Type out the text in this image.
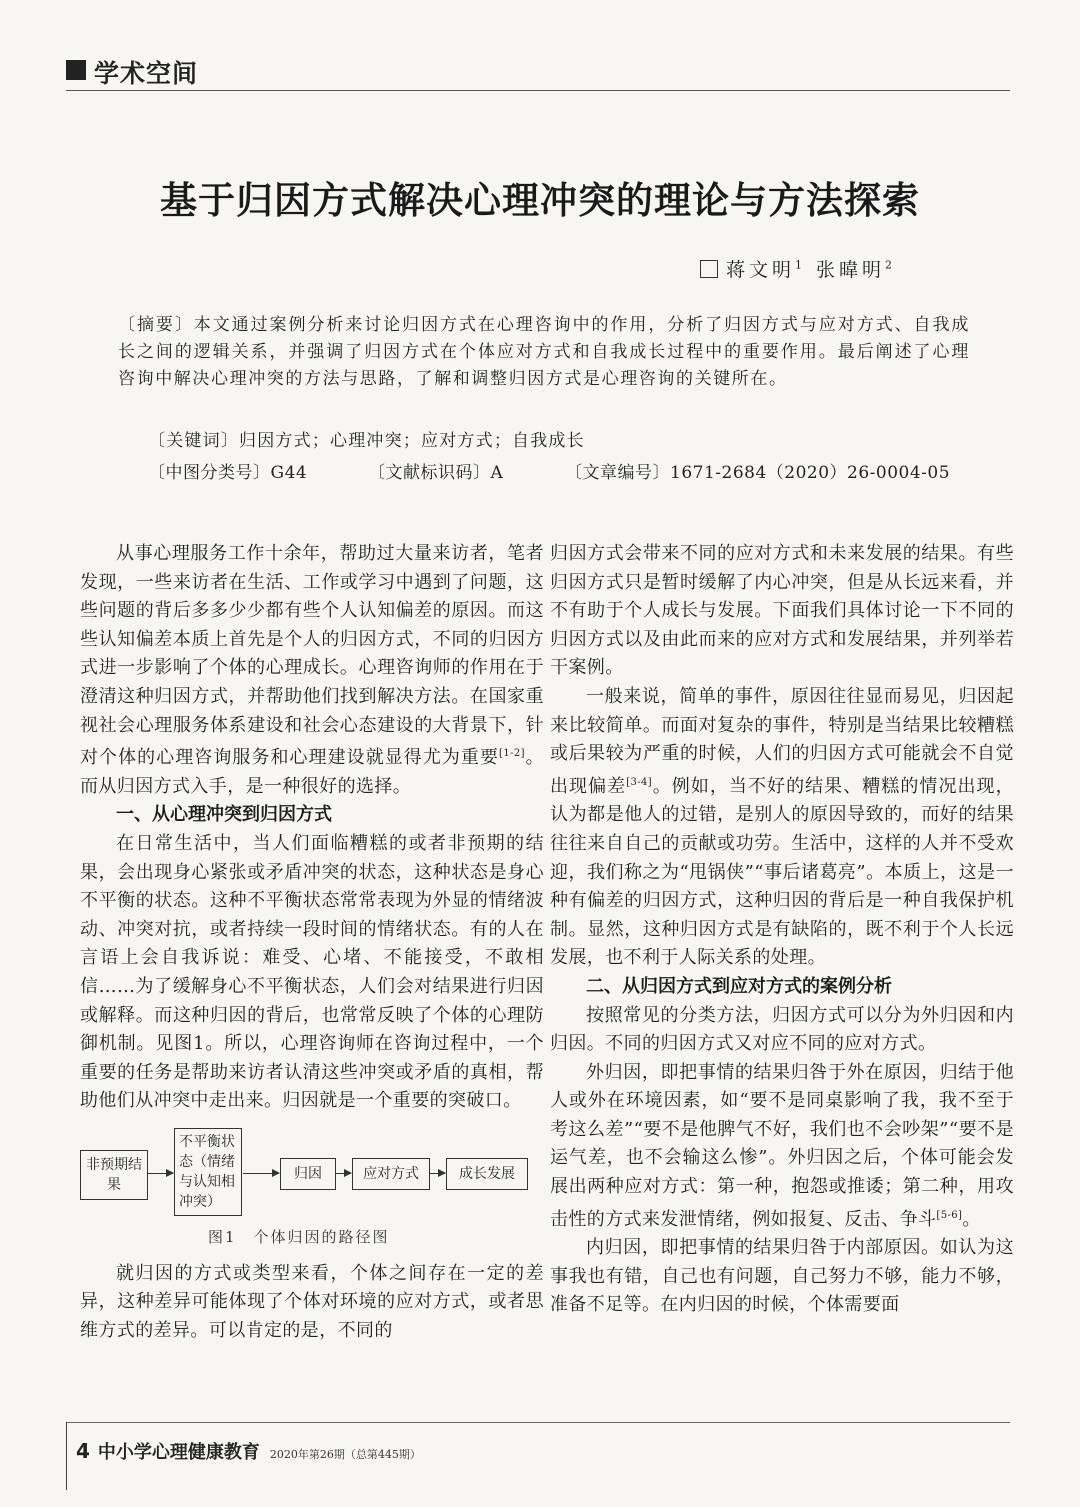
学术空间
基于归因方式解决心理冲突的理论与方法探索
蒋文明$^1$ 张暐明$^2$

〔摘要〕本文通过案例分析来讨论归因方式在心理咨询中的作用，分析了归因方式与应对方式、自我成长之间的逻辑关系，并强调了归因方式在个体应对方式和自我成长过程中的重要作用。最后阐述了心理咨询中解决心理冲突的方法与思路，了解和调整归因方式是心理咨询的关键所在。

〔关键词〕归因方式；心理冲突；应对方式；自我成长
〔中图分类号〕G44	〔文献标识码〕A	〔文章编号〕1671-2684（2020）26-0004-05

从事心理服务工作十余年，帮助过大量来访者，笔者发现，一些来访者在生活、工作或学习中遇到了问题，这些问题的背后多多少少都有些个人认知偏差的原因。而这些认知偏差本质上首先是个人的归因方式，不同的归因方式进一步影响了个体的心理成长。心理咨询师的作用在于澄清这种归因方式，并帮助他们找到解决方法。在国家重视社会心理服务体系建设和社会心态建设的大背景下，针对个体的心理咨询服务和心理建设就显得尤为重要[1-2]。而从归因方式入手，是一种很好的选择。

一、从心理冲突到归因方式

在日常生活中，当人们面临糟糕的或者非预期的结果，会出现身心紧张或矛盾冲突的状态，这种状态是身心不平衡的状态。这种不平衡状态常常表现为外显的情绪波动、冲突对抗，或者持续一段时间的情绪状态。有的人在言语上会自我诉说：难受、心堵、不能接受，不敢相信……为了缓解身心不平衡状态，人们会对结果进行归因或解释。而这种归因的背后，也常常反映了个体的心理防御机制。见图1。所以，心理咨询师在咨询过程中，一个重要的任务是帮助来访者认清这些冲突或矛盾的真相，帮助他们从冲突中走出来。归因就是一个重要的突破口。

非预期结果
不平衡状态（情绪与认知相冲突）
归因	应对方式	成长发展
图1　个体归因的路径图

就归因的方式或类型来看，个体之间存在一定的差异，这种差异可能体现了个体对环境的应对方式，或者思维方式的差异。可以肯定的是，不同的

归因方式会带来不同的应对方式和未来发展的结果。有些归因方式只是暂时缓解了内心冲突，但是从长远来看，并不有助于个人成长与发展。下面我们具体讨论一下不同的归因方式以及由此而来的应对方式和发展结果，并列举若干案例。

一般来说，简单的事件，原因往往显而易见，归因起来比较简单。而面对复杂的事件，特别是当结果比较糟糕或后果较为严重的时候，人们的归因方式可能就会不自觉出现偏差[3-4]。例如，当不好的结果、糟糕的情况出现，认为都是他人的过错，是别人的原因导致的，而好的结果往往来自自己的贡献或功劳。生活中，这样的人并不受欢迎，我们称之为“甩锅侠”“事后诸葛亮”。本质上，这是一种有偏差的归因方式，这种归因的背后是一种自我保护机制。显然，这种归因方式是有缺陷的，既不利于个人长远发展，也不利于人际关系的处理。

二、从归因方式到应对方式的案例分析

按照常见的分类方法，归因方式可以分为外归因和内归因。不同的归因方式又对应不同的应对方式。

外归因，即把事情的结果归咎于外在原因，归结于他人或外在环境因素，如“要不是同桌影响了我，我不至于考这么差”“要不是他脾气不好，我们也不会吵架”“要不是运气差，也不会输这么惨”。外归因之后，个体可能会发展出两种应对方式：第一种，抱怨或推诿；第二种，用攻击性的方式来发泄情绪，例如报复、反击、争斗[5-6]。

内归因，即把事情的结果归咎于内部原因。如认为这事我也有错，自己也有问题，自己努力不够，能力不够，准备不足等。在内归因的时候，个体需要面

4 中小学心理健康教育 2020年第26期（总第445期）
